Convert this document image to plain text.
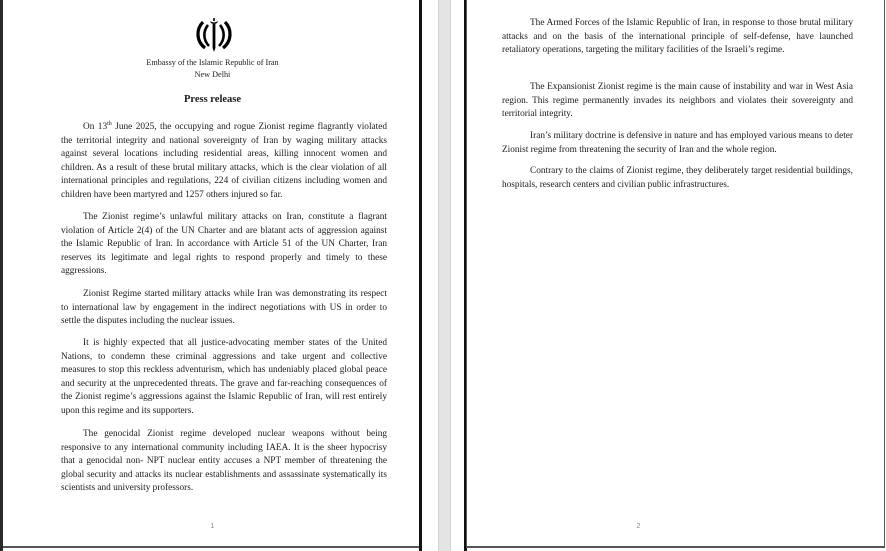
Embassy of the Islamic Republic of Iran
New Delhi
Press release

On 13th June 2025, the occupying and rogue Zionist regime flagrantly violated the territorial integrity and national sovereignty of Iran by waging military attacks against several locations including residential areas, killing innocent women and children. As a result of these brutal military attacks, which is the clear violation of all international principles and regulations, 224 of civilian citizens including women and children have been martyred and 1257 others injured so far.

The Zionist regime’s unlawful military attacks on Iran, constitute a flagrant violation of Article 2(4) of the UN Charter and are blatant acts of aggression against the Islamic Republic of Iran. In accordance with Article 51 of the UN Charter, Iran reserves its legitimate and legal rights to respond properly and timely to these aggressions.

Zionist Regime started military attacks while Iran was demonstrating its respect to international law by engagement in the indirect negotiations with US in order to settle the disputes including the nuclear issues.

It is highly expected that all justice-advocating member states of the United Nations, to condemn these criminal aggressions and take urgent and collective measures to stop this reckless adventurism, which has undeniably placed global peace and security at the unprecedented threats. The grave and far-reaching consequences of the Zionist regime’s aggressions against the Islamic Republic of Iran, will rest entirely upon this regime and its supporters.

The genocidal Zionist regime developed nuclear weapons without being responsive to any international community including IAEA. It is the sheer hypocrisy that a genocidal non- NPT nuclear entity accuses a NPT member of threatening the global security and attacks its nuclear establishments and assassinate systematically its scientists and university professors.

1

The Armed Forces of the Islamic Republic of Iran, in response to those brutal military attacks and on the basis of the international principle of self-defense, have launched retaliatory operations, targeting the military facilities of the Israeli’s regime.

The Expansionist Zionist regime is the main cause of instability and war in West Asia region. This regime permanently invades its neighbors and violates their sovereignty and territorial integrity.

Iran’s military doctrine is defensive in nature and has employed various means to deter Zionist regime from threatening the security of Iran and the whole region.

Contrary to the claims of Zionist regime, they deliberately target residential buildings, hospitals, research centers and civilian public infrastructures.

2
